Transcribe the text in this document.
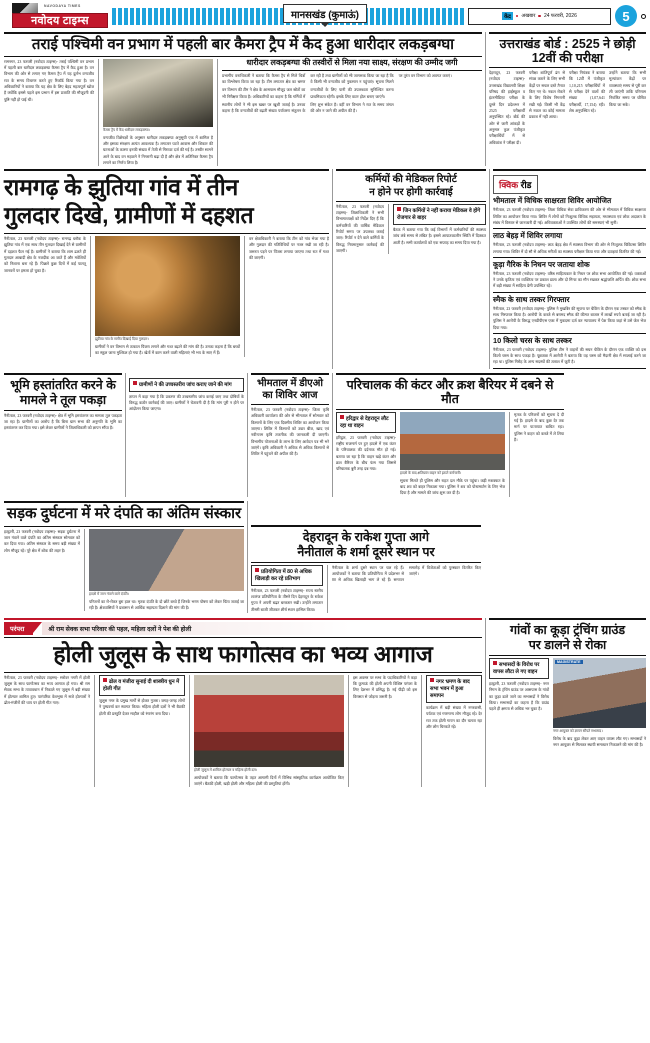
NAVODAYA TIMES
नवोदय टाइम्स	केंद्र	अखबार 24 फरवरी, 2026	5
मानसखंड (कुमाऊं)
तराई पश्चिमी वन प्रभाग में पहली बार कैमरा ट्रैप में कैद हुआ धारीदार लकड़बग्घा
रामनगर, 23 फरवरी (नवोदय टाइम्स)- तराई पश्चिमी वन प्रभाग में पहली बार धारीदार लकड़बग्घा कैमरा ट्रैप में कैद हुआ है। वन विभाग की ओर से लगाए गए कैमरा ट्रैप में यह दुर्लभ वन्यजीव रात के समय विचरण करते हुए रिकॉर्ड किया गया है। वन अधिकारियों ने बताया कि यह क्षेत्र के लिए बेहद महत्वपूर्ण खोज है क्योंकि इससे पहले इस प्रभाग में इस प्रजाति की मौजूदगी की पुष्टि नहीं हो पाई थी।
कैमरा ट्रैप में कैद धारीदार लकड़बग्घा।
वन्यजीव विशेषज्ञों के अनुसार धारीदार लकड़बग्घा अनुसूची एक में शामिल है और इसका संरक्षण अत्यंत आवश्यक है। लगातार घटते आवास और शिकार की घटनाओं के कारण इनकी संख्या में तेजी से गिरावट दर्ज की गई है। तस्वीर सामने आने के बाद वन महकमे ने निगरानी बढ़ा दी है और क्षेत्र में अतिरिक्त कैमरा ट्रैप लगाने का निर्णय लिया है।
धारीदार लकड़बग्घा की तस्वीरों से मिला नया साक्ष्य, संरक्षण की उम्मीद जगी
प्रभागीय वनाधिकारी ने बताया कि कैमरा ट्रैप से मिले चित्रों का विश्लेषण किया जा रहा है। टीम लगातार क्षेत्र का भ्रमण कर रही है तथा ग्रामीणों को भी जागरूक किया जा रहा है कि वे किसी भी वन्यजीव को नुकसान न पहुंचाएं। सूचना मिलने पर तुरंत वन विभाग को अवगत कराएं।
वन विभाग की टीम ने क्षेत्र के आसपास मौजूद जल स्रोतों का भी निरीक्षण किया है। अधिकारियों का कहना है कि गर्मियों में वन्यजीवों के लिए पानी की उपलब्धता सुनिश्चित करना प्राथमिकता रहेगी। इसके लिए वाटर होल बनाए जाएंगे।
स्थानीय लोगों ने भी इस खबर पर खुशी जताई है। उनका कहना है कि वन्यजीवों की बढ़ती संख्या पर्यावरण संतुलन के लिए शुभ संकेत है। वहीं वन विभाग ने रात के समय जंगल की ओर न जाने की अपील की है।
उत्तराखंड बोर्ड : 2525 ने छोड़ी 12वीं की परीक्षा
देहरादून, 23 फरवरी (नवोदय टाइम्स)- उत्तराखंड विद्यालयी शिक्षा परिषद की हाईस्कूल व इंटरमीडिएट परीक्षा के दूसरे दिन प्रदेशभर में 2525 परीक्षार्थी अनुपस्थित रहे। बोर्ड की ओर से जारी आंकड़ों के अनुसार कुल पंजीकृत परीक्षार्थियों में से अधिकांश ने परीक्षा दी।
परीक्षा शांतिपूर्ण ढंग से संपन्न कराने के लिए सभी केंद्रों पर सचल दस्ते तैनात किए गए थे। नकल रोकने के लिए विशेष निगरानी रखी गई। किसी भी केंद्र से नकल का कोई मामला प्रकाश में नहीं आया।
परीक्षा नियंत्रक ने बताया कि 12वीं में पंजीकृत 1,10,215 परीक्षार्थियों में से परीक्षा देने वालों की संख्या (1,07,641 परीक्षार्थी, 17,154) रही। शेष अनुपस्थित रहे।
उन्होंने बताया कि सभी मूल्यांकन केंद्रों पर व्यवस्थाएं समय से पूरी कर ली जाएंगी ताकि परिणाम निर्धारित समय पर घोषित किया जा सके।
रामगढ़ के झुतिया गांव में तीन
गुलदार दिखे, ग्रामीणों में दहशत
नैनीताल, 23 फरवरी (नवोदय टाइम्स)- रामगढ़ ब्लॉक के झुतिया गांव में एक साथ तीन गुलदार दिखाई देने से ग्रामीणों में दहशत फैल गई है। ग्रामीणों ने बताया कि शाम ढलते ही गुलदार आबादी क्षेत्र के नजदीक आ जाते हैं और मवेशियों को निशाना बना रहे हैं। पिछले कुछ दिनों में कई पालतू जानवरों पर हमला हो चुका है।
झुतिया गांव के समीप दिखाई दिया गुलदार।
ग्रामीणों ने वन विभाग से तत्काल पिंजरा लगाने और गश्त बढ़ाने की मांग की है। उनका कहना है कि बच्चों का स्कूल जाना मुश्किल हो गया है। खेतों में काम करने वाली महिलाएं भी भय के साए में हैं।
वन क्षेत्राधिकारी ने बताया कि टीम को गांव भेजा गया है और गुलदार की गतिविधियों पर नजर रखी जा रही है। जरूरत पड़ने पर पिंजरा लगाया जाएगा तथा रात में गश्त की जाएगी।
कर्मियों की मेडिकल रिपोर्ट
न होने पर होगी कार्रवाई
नैनीताल, 23 फरवरी (नवोदय टाइम्स)- जिलाधिकारी ने सभी विभागाध्यक्षों को निर्देश दिए हैं कि कर्मचारियों की वार्षिक मेडिकल रिपोर्ट समय पर उपलब्ध कराई जाए। रिपोर्ट न देने वाले कर्मियों के विरुद्ध नियमानुसार कार्रवाई की जाएगी।
जिन कर्मियों ने नहीं कराया मेडिकल वे होंगे रोजगार से बाहर
बैठक में बताया गया कि कई विभागों में कर्मचारियों की स्वास्थ्य जांच लंबे समय से लंबित है। इससे आपातकालीन स्थिति में दिक्कत आती है। सभी कार्यालयों को एक सप्ताह का समय दिया गया है।
क्विक रीड
भीमताल में विधिक साक्षरता शिविर आयोजित
नैनीताल, 23 फरवरी (नवोदय टाइम्स)- जिला विधिक सेवा प्राधिकरण की ओर से भीमताल में विधिक साक्षरता शिविर का आयोजन किया गया। शिविर में लोगों को निःशुल्क विधिक सहायता, मध्यस्थता एवं लोक अदालत के संबंध में विस्तार से जानकारी दी गई। अधिवक्ताओं ने उपस्थित लोगों की समस्याएं भी सुनीं।
लाठ बेहड़ में शिविर लगाया
नैनीताल, 23 फरवरी (नवोदय टाइम्स)- लाठ बेहड़ क्षेत्र में स्वास्थ्य विभाग की ओर से निःशुल्क चिकित्सा शिविर लगाया गया। शिविर में दो सौ से अधिक मरीजों का स्वास्थ्य परीक्षण किया गया और दवाइयां वितरित की गईं।
कूड़ा गैरिक के निधन पर जताया शोक
नैनीताल, 23 फरवरी (नवोदय टाइम्स)- वरिष्ठ साहित्यकार के निधन पर शोक सभा आयोजित की गई। वक्ताओं ने उनके कृतित्व एवं व्यक्तित्व पर प्रकाश डाला और दो मिनट का मौन रखकर श्रद्धांजलि अर्पित की। शोक सभा में बड़ी संख्या में साहित्य प्रेमी उपस्थित रहे।
स्मैक के साथ तस्कर गिरफ्तार
नैनीताल, 23 फरवरी (नवोदय टाइम्स)- पुलिस ने मुखबिर की सूचना पर चेकिंग के दौरान एक तस्कर को स्मैक के साथ गिरफ्तार किया है। आरोपी के कब्जे से बरामद स्मैक की कीमत बाजार में लाखों रुपये बताई जा रही है। पुलिस ने आरोपी के विरुद्ध एनडीपीएस एक्ट में मुकदमा दर्ज कर न्यायालय में पेश किया जहां से उसे जेल भेज दिया गया।
10 किलो चरस के साथ तस्कर
नैनीताल, 23 फरवरी (नवोदय टाइम्स)- पुलिस टीम ने वाहनों की सघन चेकिंग के दौरान एक व्यक्ति को दस किलो चरस के साथ पकड़ा है। पूछताछ में आरोपी ने बताया कि वह चरस को मैदानी क्षेत्र में सप्लाई करने जा रहा था। पुलिस गिरोह के अन्य सदस्यों की तलाश में जुटी है।
भूमि हस्तांतरित करने के
मामले ने तूल पकड़ा
नैनीताल, 23 फरवरी (नवोदय टाइम्स)- क्षेत्र में भूमि हस्तांतरण का मामला तूल पकड़ता जा रहा है। ग्रामीणों का आरोप है कि बिना ग्राम सभा की अनुमति के भूमि का हस्तांतरण कर दिया गया। इसे लेकर ग्रामीणों ने जिलाधिकारी को ज्ञापन सौंपा है।
ग्रामीणों ने की उच्चस्तरीय जांच कराए जाने की मांग
ज्ञापन में कहा गया है कि प्रकरण की उच्चस्तरीय जांच कराई जाए तथा दोषियों के विरुद्ध कठोर कार्रवाई की जाए। ग्रामीणों ने चेतावनी दी है कि मांग पूरी न होने पर आंदोलन किया जाएगा।
भीमताल में डीएओ
का शिविर आज
नैनीताल, 23 फरवरी (नवोदय टाइम्स)- जिला कृषि अधिकारी कार्यालय की ओर से भीमताल में सोमवार को किसानों के लिए एक दिवसीय शिविर का आयोजन किया जाएगा। शिविर में किसानों को उन्नत बीज, खाद एवं नवीनतम कृषि तकनीक की जानकारी दी जाएगी। विभागीय योजनाओं के लाभ के लिए आवेदन पत्र भी भरे जाएंगे। कृषि अधिकारी ने अधिक से अधिक किसानों से शिविर में पहुंचने की अपील की है।
परिचालक की कंटर और क्रश बैरियर में दबने से मौत
हरिद्वार से देहरादून लौट रहा था वाहन
हरिद्वार, 23 फरवरी (नवोदय टाइम्स)- राष्ट्रीय राजमार्ग पर हुए हादसे में एक कंटर के परिचालक की दर्दनाक मौत हो गई। बताया जा रहा है कि वाहन खड़े कंटर और क्रश बैरियर के बीच फंस गया जिससे परिचालक बुरी तरह दब गया।
हादसे के बाद क्षतिग्रस्त वाहन को हटाते कर्मचारी।
सूचना मिलते ही पुलिस और राहत दल मौके पर पहुंचा। कड़ी मशक्कत के बाद शव को बाहर निकाला गया। पुलिस ने शव को पोस्टमार्टम के लिए भेज दिया है और मामले की जांच शुरू कर दी है।
मृतक के परिजनों को सूचना दे दी गई है। हादसे के बाद कुछ देर तक मार्ग पर यातायात बाधित रहा। पुलिस ने वाहन को कब्जे में ले लिया है।
सड़क दुर्घटना में मरे दंपति का अंतिम संस्कार
हल्द्वानी, 23 फरवरी (नवोदय टाइम्स)- सड़क दुर्घटना में जान गंवाने वाले दंपति का अंतिम संस्कार सोमवार को कर दिया गया। अंतिम संस्कार के समय बड़ी संख्या में लोग मौजूद रहे। पूरे क्षेत्र में शोक की लहर है।
हादसे में जान गंवाने वाले दंपति।
परिजनों का रो-रोकर बुरा हाल था। मृतक दंपति के दो छोटे बच्चे हैं जिनके भरण पोषण को लेकर चिंता जताई जा रही है। क्षेत्रवासियों ने प्रशासन से आर्थिक सहायता दिलाने की मांग की है।
देहरादून के राकेश गुप्ता आगे
नैनीताल के शर्मा दूसरे स्थान पर
प्रतियोगिता में 80 से अधिक खिलाड़ी कर रहे प्रतिभाग
नैनीताल, 23 फरवरी (नवोदय टाइम्स)- राज्य स्तरीय शतरंज प्रतियोगिता के तीसरे दिन देहरादून के राकेश गुप्ता ने अपनी बढ़त बरकरार रखी। उन्होंने लगातार तीसरी बाजी जीतकर शीर्ष स्थान हासिल किया।
नैनीताल के शर्मा दूसरे स्थान पर चल रहे हैं। आयोजकों ने बताया कि प्रतियोगिता में प्रदेशभर से 80 से अधिक खिलाड़ी भाग ले रहे हैं। समापन समारोह में विजेताओं को पुरस्कार वितरित किए जाएंगे।
परंपरा	श्री राम सेवक सभा परिवार की पहल, महिला दलों ने पेश की होली
होली जुलूस के साथ फागोत्सव का भव्य आगाज
नैनीताल, 23 फरवरी (नवोदय टाइम्स)- सरोवर नगरी में होली जुलूस के साथ फागोत्सव का भव्य आगाज हो गया। श्री राम सेवक सभा के तत्वावधान में निकाले गए जुलूस में बड़ी संख्या में होल्यार शामिल हुए। पारंपरिक वेशभूषा में सजे होल्यारों ने ढोल-मंजीरों की थाप पर होली गीत गाए।
ढोल व मंजीरा सुनाई दी शास्त्रीय धुन में होली गीत
जुलूस नगर के प्रमुख मार्गों से होकर गुजरा। जगह-जगह लोगों ने पुष्पवर्षा कर स्वागत किया। महिला होली दलों ने भी बैठकी होली की प्रस्तुति देकर माहौल को रंगारंग बना दिया।
होली जुलूस में शामिल होल्यार व महिला होली दल।
आयोजकों ने बताया कि फागोत्सव के तहत आगामी दिनों में विभिन्न सांस्कृतिक कार्यक्रम आयोजित किए जाएंगे। बैठकी होली, खड़ी होली और महिला होली की प्रस्तुतियां होंगी।
इस अवसर पर सभा के पदाधिकारियों ने कहा कि कुमाऊं की होली अपनी विशिष्ट परंपरा के लिए देशभर में प्रसिद्ध है। नई पीढ़ी को इस विरासत से जोड़ना जरूरी है।
नगर भ्रमण के बाद सभा भवन में हुआ समापन
कार्यक्रम में बड़ी संख्या में नगरवासी, पर्यटक एवं गणमान्य लोग मौजूद रहे। देर रात तक होली गायन का दौर चलता रहा और लोग थिरकते रहे।
गांवों का कूड़ा ट्रंचिंग ग्राउंड
पर डालने से रोका
सभासदों के विरोध पर वापस लौटा ले गए वाहन
हल्द्वानी, 23 फरवरी (नवोदय टाइम्स)- नगर निगम के ट्रंचिंग ग्राउंड पर आसपास के गांवों का कूड़ा डाले जाने का सभासदों ने विरोध किया। सभासदों का कहना है कि ग्राउंड पहले ही क्षमता से अधिक भर चुका है।
MAGISTRATE
नगर आयुक्त को ज्ञापन सौंपते सभासद।
विरोध के बाद कूड़ा लेकर आए वाहन वापस लौट गए। सभासदों ने नगर आयुक्त से मिलकर स्थायी समाधान निकालने की मांग की है।
